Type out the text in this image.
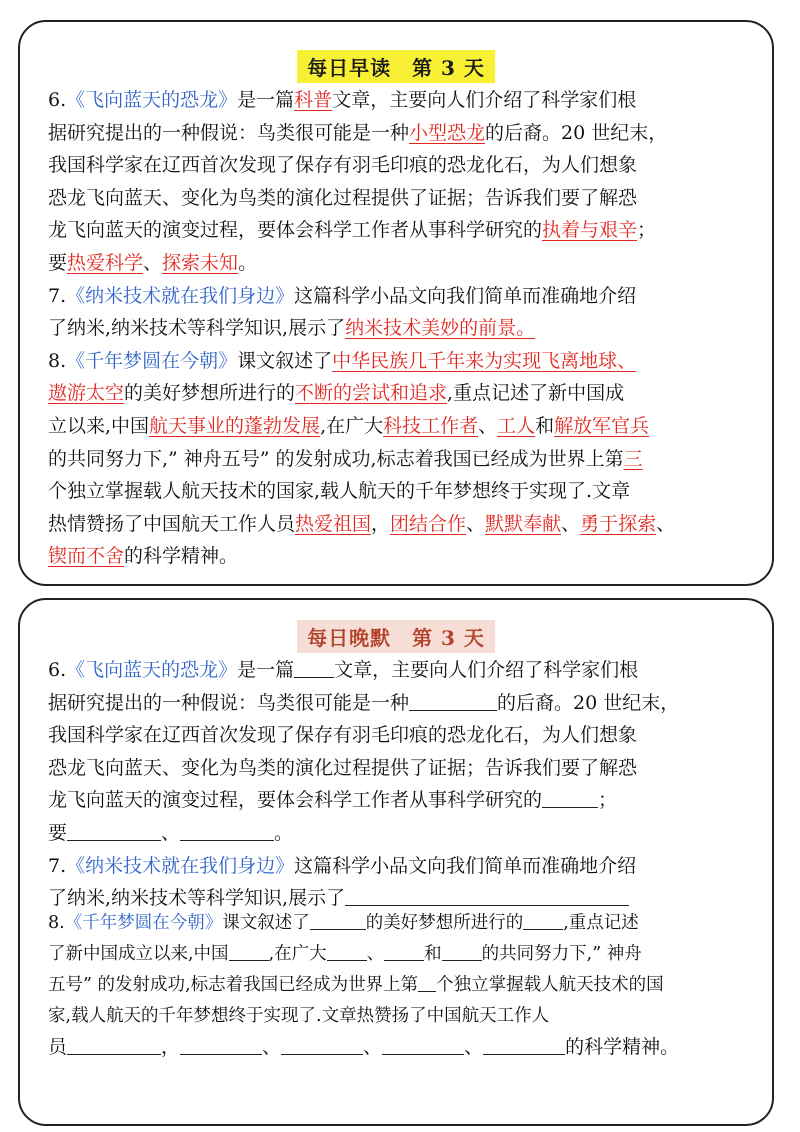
每日早读　第 3 天
6.《飞向蓝天的恐龙》是一篇科普文章，主要向人们介绍了科学家们根
据研究提出的一种假说：鸟类很可能是一种小型恐龙的后裔。20 世纪末，
我国科学家在辽西首次发现了保存有羽毛印痕的恐龙化石，为人们想象
恐龙飞向蓝天、变化为鸟类的演化过程提供了证据；告诉我们要了解恐
龙飞向蓝天的演变过程，要体会科学工作者从事科学研究的执着与艰辛；
要热爱科学、探索未知。
7.《纳米技术就在我们身边》这篇科学小品文向我们简单而准确地介绍
了纳米,纳米技术等科学知识,展示了纳米技术美妙的前景。
8.《千年梦圆在今朝》课文叙述了中华民族几千年来为实现飞离地球、
遨游太空的美好梦想所进行的不断的尝试和追求,重点记述了新中国成
立以来,中国航天事业的蓬勃发展,在广大科技工作者、工人和解放军官兵
的共同努力下,” 神舟五号” 的发射成功,标志着我国已经成为世界上第三
个独立掌握载人航天技术的国家,载人航天的千年梦想终于实现了.文章
热情赞扬了中国航天工作人员热爱祖国，团结合作、默默奉献、勇于探索、
锲而不舍的科学精神。
每日晚默　第 3 天
6.《飞向蓝天的恐龙》是一篇 文章，主要向人们介绍了科学家们根
据研究提出的一种假说：鸟类很可能是一种	的后裔。20 世纪末，
我国科学家在辽西首次发现了保存有羽毛印痕的恐龙化石，为人们想象
恐龙飞向蓝天、变化为鸟类的演化过程提供了证据；告诉我们要了解恐
龙飞向蓝天的演变过程，要体会科学工作者从事科学研究的	；
要	、	。
7.《纳米技术就在我们身边》这篇科学小品文向我们简单而准确地介绍
了纳米,纳米技术等科学知识,展示了
8.《千年梦圆在今朝》课文叙述了	的美好梦想所进行的 ,重点记述
了新中国成立以来,中国 ,在广大 、 和 的共同努力下,” 神舟
五号” 的发射成功,标志着我国已经成为世界上第 个独立掌握载人航天技术的国
家,载人航天的千年梦想终于实现了.文章热赞扬了中国航天工作人
员	，	、	、	、	的科学精神。
